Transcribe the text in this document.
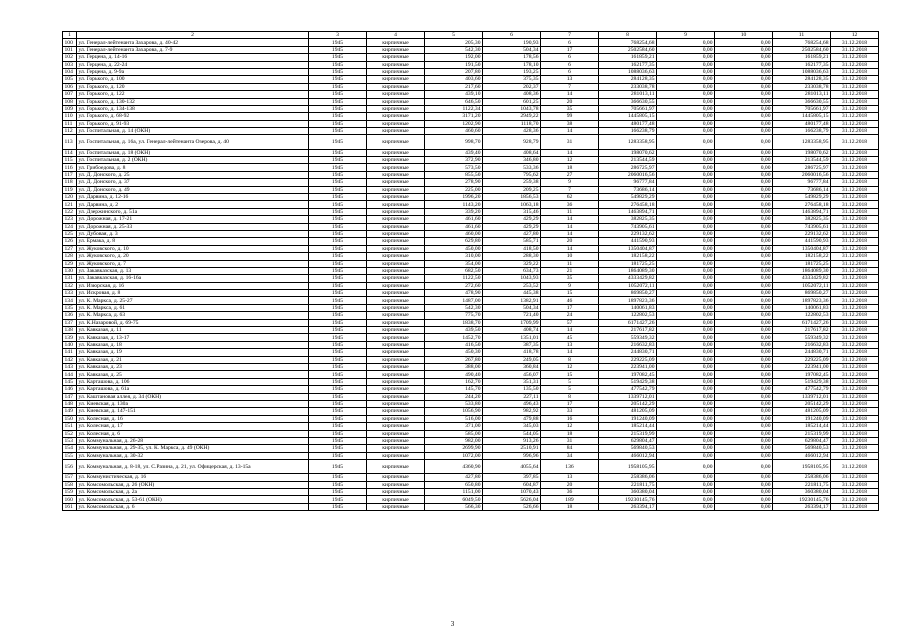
1	2	3	4	5	6	7	8	9	10	11	12
100	ул. Генерал-лейтенанта Захарова, д. 40-42	1945	кирпичные	205,30	190,93	6	768254,68	0,00	0,00	768254,68	31.12.2018
101	ул. Генерал-лейтенанта Захарова, д. 7-9	1945	кирпичные	542,30	504,34	17	2502584,60	0,00	0,00	2502584,60	31.12.2018
102	ул. Герцена, д. 14-16	1945	кирпичные	192,00	178,56	6	161859,21	0,00	0,00	161859,21	31.12.2018
103	ул. Герцена, д. 22-24	1945	кирпичные	191,50	178,10	6	162177,35	0,00	0,00	162177,35	31.12.2018
104	ул. Герцена, д. 9-9а	1945	кирпичные	207,80	193,25	6	1088036,63	0,00	0,00	1088036,63	31.12.2018
105	ул. Горького, д. 100	1945	кирпичные	403,60	375,35	13	284128,35	0,00	0,00	284128,35	31.12.2018
106	ул. Горького, д. 120	1945	кирпичные	217,60	202,37	7	233038,78	0,00	0,00	233038,78	31.12.2018
107	ул. Горького, д. 122	1945	кирпичные	439,10	408,36	14	281013,11	0,00	0,00	281013,11	31.12.2018
108	ул. Горького, д. 130-132	1945	кирпичные	646,50	601,25	20	366630,55	0,00	0,00	366630,55	31.12.2018
109	ул. Горького, д. 134-138	1945	кирпичные	1122,34	1043,78	35	705661,97	0,00	0,00	705661,97	31.12.2018
110	ул. Горького, д. 68-92	1945	кирпичные	3171,20	2949,22	99	1445805,15	0,00	0,00	1445805,15	31.12.2018
111	ул. Горького, д. 91-93	1945	кирпичные	1202,90	1118,70	38	480177,48	0,00	0,00	480177,48	31.12.2018
112	ул. Госпитальная, д. 14 (ОКН)	1945	кирпичные	460,60	428,36	14	166238,79	0,00	0,00	166238,79	31.12.2018
113	ул. Госпитальная, д. 16а, ул. Генерал-лейтенанта Озерова, д. 40	1945	кирпичные	998,70	928,79	31	1283358,95	0,00	0,00	1283358,95	31.12.2018
114	ул. Госпитальная, д. 18 (ОКН)	1945	кирпичные	439,40	408,64	14	198070,62	0,00	0,00	198070,62	31.12.2018
115	ул. Госпитальная, д. 2 (ОКН)	1945	кирпичные	372,90	346,80	12	213544,59	0,00	0,00	213544,59	31.12.2018
116	ул. Грибоедова, д. 8	1945	кирпичные	573,50	533,36	18	286725,97	0,00	0,00	286725,97	31.12.2018
117	ул. Д. Донского, д. 25	1945	кирпичные	855,50	795,62	27	2060016,56	0,00	0,00	2060016,56	31.12.2018
118	ул. Д. Донского, д. 37	1945	кирпичные	278,90	259,38	9	96777,84	0,00	0,00	96777,84	31.12.2018
119	ул. Д. Донского, д. 49	1945	кирпичные	225,00	209,25	7	73686,14	0,00	0,00	73686,14	31.12.2018
120	ул. Дарвина, д. 12-16	1945	кирпичные	1996,20	1856,53	62	549829,29	0,00	0,00	549829,29	31.12.2018
121	ул. Дарвина, д. 2	1945	кирпичные	1143,20	1063,18	36	276458,18	0,00	0,00	276458,18	31.12.2018
122	ул. Дзержинского, д. 51а	1945	кирпичные	339,20	315,46	11	1463894,71	0,00	0,00	1463894,71	31.12.2018
123	ул. Дорожная, д. 17-21	1945	кирпичные	461,60	429,29	14	382825,35	0,00	0,00	382825,35	31.12.2018
124	ул. Дорожная, д. 25-33	1945	кирпичные	461,60	429,29	14	743905,61	0,00	0,00	743905,61	31.12.2018
125	ул. Дубовая, д. 3	1945	кирпичные	460,00	427,80	14	229132,62	0,00	0,00	229132,62	31.12.2018
126	ул. Ермака, д. 8	1945	кирпичные	629,80	585,71	20	441590,93	0,00	0,00	441590,93	31.12.2018
127	ул. Жуковского, д. 10	1945	кирпичные	450,00	418,50	14	1350404,87	0,00	0,00	1350404,87	31.12.2018
128	ул. Жуковского, д. 20	1945	кирпичные	310,00	288,30	10	182158,22	0,00	0,00	182158,22	31.12.2018
129	ул. Жуковского, д. 7	1945	кирпичные	354,00	329,22	11	181725,25	0,00	0,00	181725,25	31.12.2018
130	ул. Закавказская, д. 13	1945	кирпичные	682,50	634,73	21	1864089,30	0,00	0,00	1864089,30	31.12.2018
131	ул. Закавказская, д. 16-16а	1945	кирпичные	1122,50	1043,93	35	4333429,82	0,00	0,00	4333429,82	31.12.2018
132	ул. Изюрская, д. 16	1945	кирпичные	272,60	253,52	9	1052072,11	0,00	0,00	1052072,11	31.12.2018
133	ул. Искровая, д. 8	1945	кирпичные	478,90	445,38	15	869850,27	0,00	0,00	869850,27	31.12.2018
134	ул. К. Маркса, д. 25-27	1945	кирпичные	1487,00	1382,91	46	1897823,36	0,00	0,00	1897823,36	31.12.2018
135	ул. К. Маркса, д. 61	1945	кирпичные	542,30	504,34	17	140061,83	0,00	0,00	140061,83	31.12.2018
136	ул. К. Маркса, д. 63	1945	кирпичные	775,70	721,40	24	122802,53	0,00	0,00	122802,53	31.12.2018
137	ул. К.Назаровой, д. 69-75	1945	кирпичные	1838,70	1709,99	57	6171427,26	0,00	0,00	6171427,26	31.12.2018
138	ул. Кавказая, д. 11	1945	кирпичные	439,50	408,74	14	217617,82	0,00	0,00	217617,82	31.12.2018
139	ул. Кавказая, д. 13-17	1945	кирпичные	1452,70	1351,01	45	559349,32	0,00	0,00	559349,32	31.12.2018
140	ул. Кавказая, д. 18	1945	кирпичные	416,50	387,35	13	216632,83	0,00	0,00	216632,83	31.12.2018
141	ул. Кавказая, д. 19	1945	кирпичные	450,30	418,78	14	244830,71	0,00	0,00	244830,71	31.12.2018
142	ул. Кавказая, д. 21	1945	кирпичные	267,80	249,05	8	229225,09	0,00	0,00	229225,09	31.12.2018
143	ул. Кавказая, д. 23	1945	кирпичные	388,00	360,84	12	223941,00	0,00	0,00	223941,00	31.12.2018
144	ул. Кавказая, д. 25	1945	кирпичные	490,40	456,07	15	197082,45	0,00	0,00	197082,45	31.12.2018
145	ул. Карташова, д. 106	1945	кирпичные	162,70	351,31	5	519429,38	0,00	0,00	519429,38	31.12.2018
146	ул. Карташова, д. 61а	1945	кирпичные	145,70	135,50	5	477542,79	0,00	0,00	477542,79	31.12.2018
147	ул. Каштановая аллея, д. 34 (ОКН)	1945	кирпичные	244,20	227,11	8	1339712,01	0,00	0,00	1339712,01	31.12.2018
148	ул. Киевская, д. 130а	1945	кирпичные	533,80	496,43	17	205142,29	0,00	0,00	205142,29	31.12.2018
149	ул. Киевская, д. 147-151	1945	кирпичные	1056,90	982,92	33	481205,09	0,00	0,00	481205,09	31.12.2018
150	ул. Колесная, д. 16	1945	кирпичные	516,00	479,88	16	191240,09	0,00	0,00	191240,09	31.12.2018
151	ул. Колесная, д. 17	1945	кирпичные	371,00	345,03	12	185214,44	0,00	0,00	185214,44	31.12.2018
152	ул. Колесная, д. 6	1945	кирпичные	585,00	544,05	18	215319,99	0,00	0,00	215319,99	31.12.2018
153	ул. Коммунальная, д. 26-28	1945	кирпичные	982,00	913,26	31	629804,47	0,00	0,00	629804,47	31.12.2018
154	ул. Коммунальная, д. 29-35, ул. К. Маркса, д. 49 (ОКН)	1945	кирпичные	2699,90	2510,91	84	569840,53	0,00	0,00	569840,53	31.12.2018
155	ул. Коммунальная, д. 30-32	1945	кирпичные	1072,00	996,96	34	466012,94	0,00	0,00	466012,94	31.12.2018
156	ул. Коммунальная, д. 8-18, ул. С.Разина, д. 21, ул. Офицерская, д. 13-15а	1945	кирпичные	4360,90	4055,64	136	1958105,95	0,00	0,00	1958105,95	31.12.2018
157	ул. Коммунистическая, д. 16	1945	кирпичные	427,80	397,85	13	258386,06	0,00	0,00	258386,06	31.12.2018
158	ул. Комсомольская, д. 26 (ОКН)	1945	кирпичные	650,80	604,87	20	221811,75	0,00	0,00	221811,75	31.12.2018
159	ул. Комсомольская, д. 2а	1945	кирпичные	1151,00	1070,43	36	360380,04	0,00	0,00	360380,04	31.12.2018
160	ул. Комсомольская, д. 53-61 (ОКН)	1945	кирпичные	6049,50	5626,04	189	19230145,76	0,00	0,00	19230145,76	31.12.2018
161	ул. Комсомольская, д. 6	1945	кирпичные	566,30	526,66	18	263394,17	0,00	0,00	263394,17	31.12.2018
3
